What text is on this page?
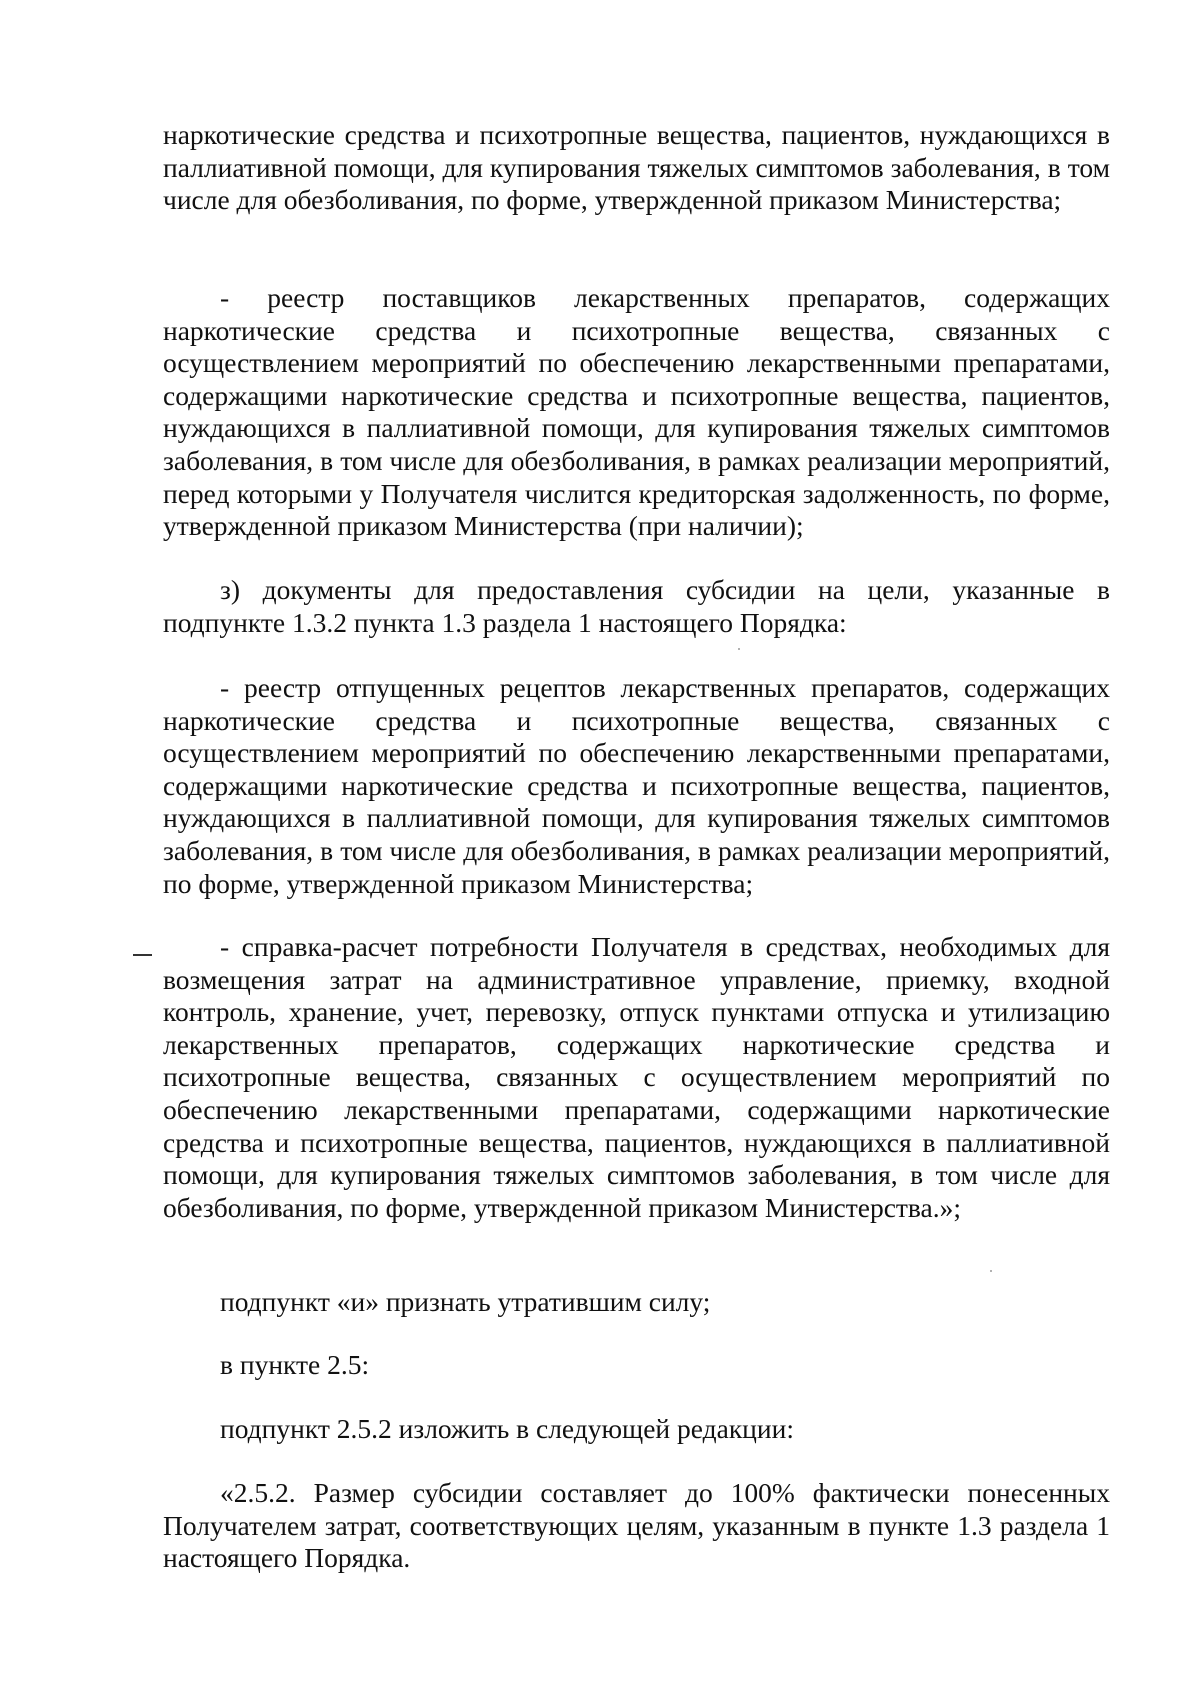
наркотические средства и психотропные вещества, пациентов, нуждающихся в паллиативной помощи, для купирования тяжелых симптомов заболевания, в том числе для обезболивания, по форме, утвержденной приказом Министерства;

- реестр поставщиков лекарственных препаратов, содержащих наркотические средства и психотропные вещества, связанных с осуществлением мероприятий по обеспечению лекарственными препаратами, содержащими наркотические средства и психотропные вещества, пациентов, нуждающихся в паллиативной помощи, для купирования тяжелых симптомов заболевания, в том числе для обезболивания, в рамках реализации мероприятий, перед которыми у Получателя числится кредиторская задолженность, по форме, утвержденной приказом Министерства (при наличии);

з) документы для предоставления субсидии на цели, указанные в подпункте 1.3.2 пункта 1.3 раздела 1 настоящего Порядка:

- реестр отпущенных рецептов лекарственных препаратов, содержащих наркотические средства и психотропные вещества, связанных с осуществлением мероприятий по обеспечению лекарственными препаратами, содержащими наркотические средства и психотропные вещества, пациентов, нуждающихся в паллиативной помощи, для купирования тяжелых симптомов заболевания, в том числе для обезболивания, в рамках реализации мероприятий, по форме, утвержденной приказом Министерства;

- справка-расчет потребности Получателя в средствах, необходимых для возмещения затрат на административное управление, приемку, входной контроль, хранение, учет, перевозку, отпуск пунктами отпуска и утилизацию лекарственных препаратов, содержащих наркотические средства и психотропные вещества, связанных с осуществлением мероприятий по обеспечению лекарственными препаратами, содержащими наркотические средства и психотропные вещества, пациентов, нуждающихся в паллиативной помощи, для купирования тяжелых симптомов заболевания, в том числе для обезболивания, по форме, утвержденной приказом Министерства.»;

подпункт «и» признать утратившим силу;

в пункте 2.5:

подпункт 2.5.2 изложить в следующей редакции:

«2.5.2. Размер субсидии составляет до 100% фактически понесенных Получателем затрат, соответствующих целям, указанным в пункте 1.3 раздела 1 настоящего Порядка.
